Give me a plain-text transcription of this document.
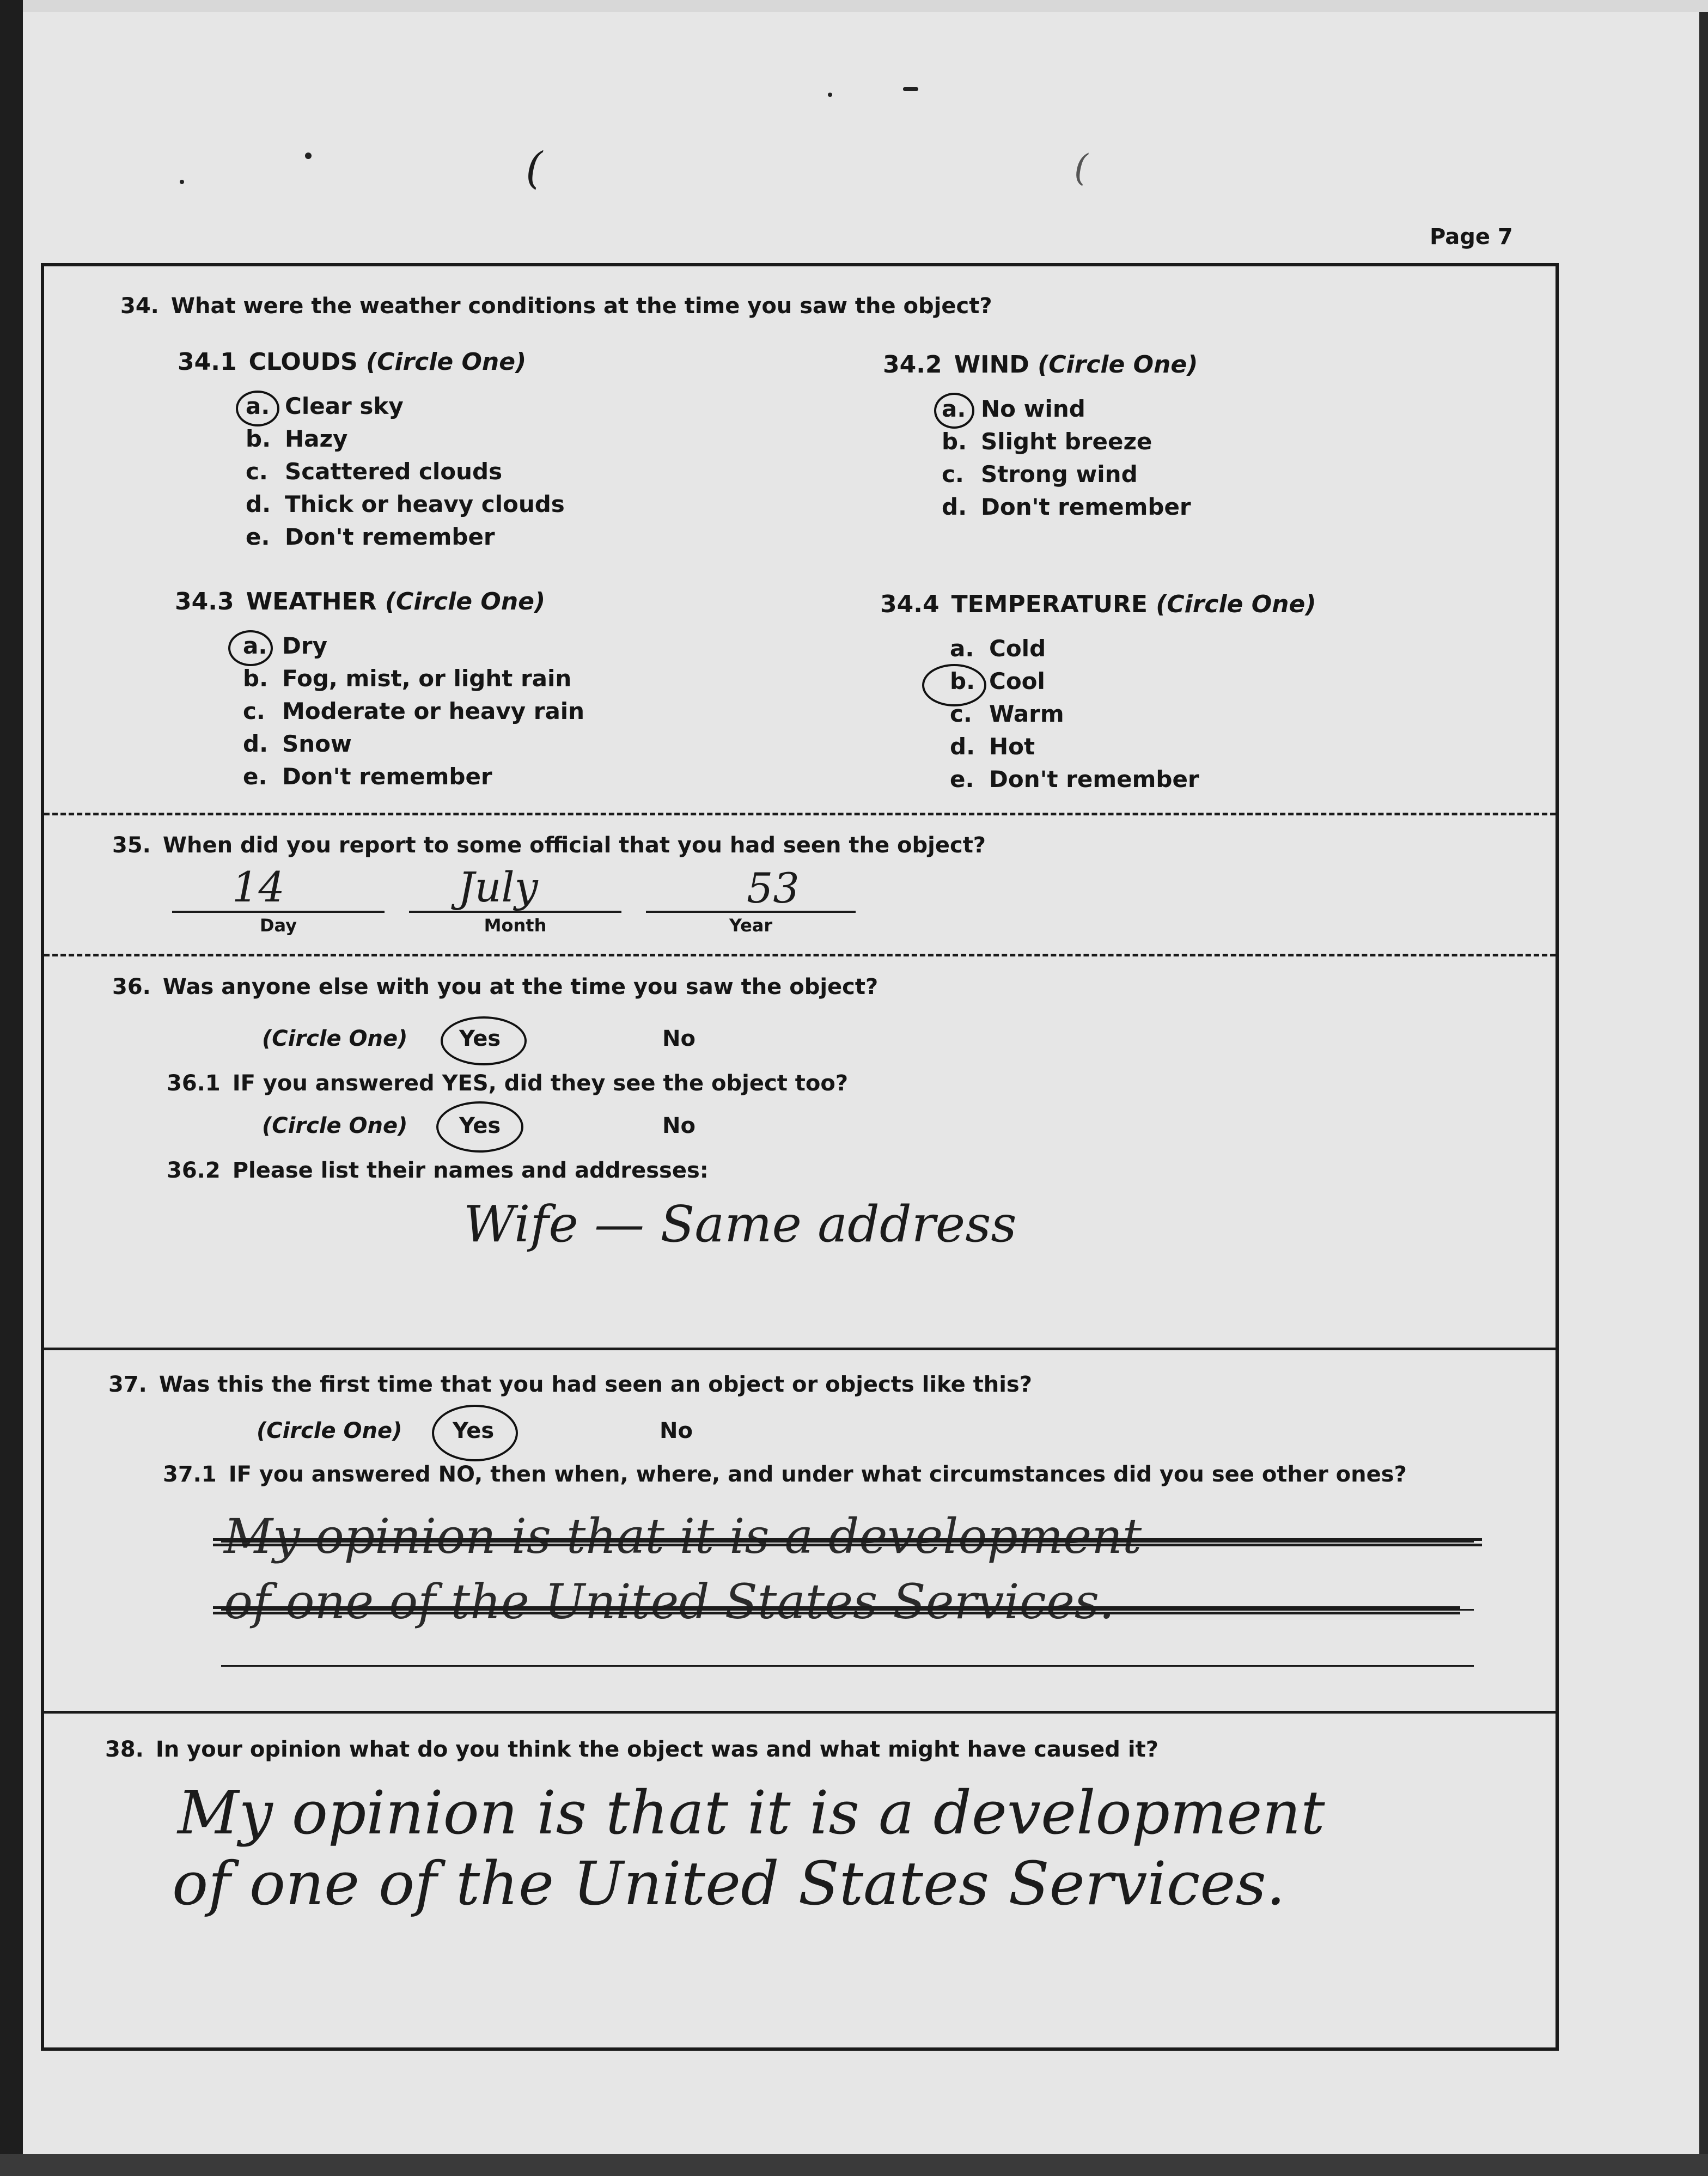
(	(
Page 7
34. What were the weather conditions at the time you saw the object?
34.1 CLOUDS (Circle One)
a. Clear sky
b. Hazy
c. Scattered clouds
d. Thick or heavy clouds
e. Don't remember
34.2 WIND (Circle One)
a. No wind
b. Slight breeze
c. Strong wind
d. Don't remember
34.3 WEATHER (Circle One)
a. Dry
b. Fog, mist, or light rain
c. Moderate or heavy rain
d. Snow
e. Don't remember
34.4 TEMPERATURE (Circle One)
a. Cold
b. Cool
c. Warm
d. Hot
e. Don't remember
35. When did you report to some official that you had seen the object?
14
Day
July
Month
53
Year
36. Was anyone else with you at the time you saw the object?
(Circle One) Yes	No
36.1 IF you answered YES, did they see the object too?
(Circle One) Yes	No
36.2 Please list their names and addresses:
Wife — Same address
37. Was this the first time that you had seen an object or objects like this?
(Circle One) Yes	No
37.1 IF you answered NO, then when, where, and under what circumstances did you see other ones?
My opinion is that it is a development
of one of the United States Services.
38. In your opinion what do you think the object was and what might have caused it?
My opinion is that it is a development
of one of the United States Services.
